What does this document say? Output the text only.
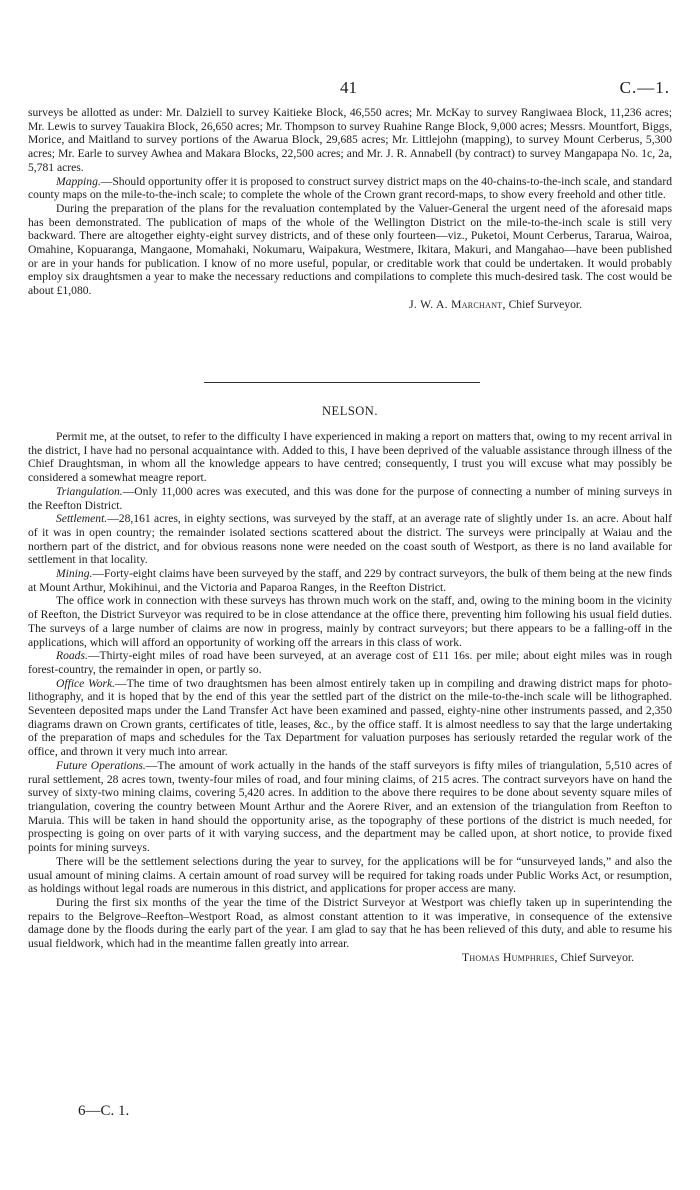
41	C.—1.

surveys be allotted as under: Mr. Dalziell to survey Kaitieke Block, 46,550 acres; Mr. McKay to survey Rangiwaea Block, 11,236 acres; Mr. Lewis to survey Tauakira Block, 26,650 acres; Mr. Thompson to survey Ruahine Range Block, 9,000 acres; Messrs. Mountfort, Biggs, Morice, and Maitland to survey portions of the Awarua Block, 29,685 acres; Mr. Littlejohn (mapping), to survey Mount Cerberus, 5,300 acres; Mr. Earle to survey Awhea and Makara Blocks, 22,500 acres; and Mr. J. R. Annabell (by contract) to survey Mangapapa No. 1c, 2a, 5,781 acres.

Mapping.—Should opportunity offer it is proposed to construct survey district maps on the 40-chains-to-the-inch scale, and standard county maps on the mile-to-the-inch scale; to complete the whole of the Crown grant record-maps, to show every freehold and other title.

During the preparation of the plans for the revaluation contemplated by the Valuer-General the urgent need of the aforesaid maps has been demonstrated. The publication of maps of the whole of the Wellington District on the mile-to-the-inch scale is still very backward. There are altogether eighty-eight survey districts, and of these only fourteen—viz., Puketoi, Mount Cerberus, Tararua, Wairoa, Omahine, Kopuaranga, Mangaone, Momahaki, Nokumaru, Waipakura, Westmere, Ikitara, Makuri, and Mangahao—have been published or are in your hands for publication. I know of no more useful, popular, or creditable work that could be undertaken. It would probably employ six draughtsmen a year to make the necessary reductions and compilations to complete this much-desired task. The cost would be about £1,080.

J. W. A. Marchant, Chief Surveyor.
NELSON.

Permit me, at the outset, to refer to the difficulty I have experienced in making a report on matters that, owing to my recent arrival in the district, I have had no personal acquaintance with. Added to this, I have been deprived of the valuable assistance through illness of the Chief Draughtsman, in whom all the knowledge appears to have centred; consequently, I trust you will excuse what may possibly be considered a somewhat meagre report.

Triangulation.—Only 11,000 acres was executed, and this was done for the purpose of connecting a number of mining surveys in the Reefton District.

Settlement.—28,161 acres, in eighty sections, was surveyed by the staff, at an average rate of slightly under 1s. an acre. About half of it was in open country; the remainder isolated sections scattered about the district. The surveys were principally at Waiau and the northern part of the district, and for obvious reasons none were needed on the coast south of Westport, as there is no land available for settlement in that locality.

Mining.—Forty-eight claims have been surveyed by the staff, and 229 by contract surveyors, the bulk of them being at the new finds at Mount Arthur, Mokihinui, and the Victoria and Paparoa Ranges, in the Reefton District.

The office work in connection with these surveys has thrown much work on the staff, and, owing to the mining boom in the vicinity of Reefton, the District Surveyor was required to be in close attendance at the office there, preventing him following his usual field duties. The surveys of a large number of claims are now in progress, mainly by contract surveyors; but there appears to be a falling-off in the applications, which will afford an opportunity of working off the arrears in this class of work.

Roads.—Thirty-eight miles of road have been surveyed, at an average cost of £11 16s. per mile; about eight miles was in rough forest-country, the remainder in open, or partly so.

Office Work.—The time of two draughtsmen has been almost entirely taken up in compiling and drawing district maps for photo-lithography, and it is hoped that by the end of this year the settled part of the district on the mile-to-the-inch scale will be lithographed. Seventeen deposited maps under the Land Transfer Act have been examined and passed, eighty-nine other instruments passed, and 2,350 diagrams drawn on Crown grants, certificates of title, leases, &c., by the office staff. It is almost needless to say that the large undertaking of the preparation of maps and schedules for the Tax Department for valuation purposes has seriously retarded the regular work of the office, and thrown it very much into arrear.

Future Operations.—The amount of work actually in the hands of the staff surveyors is fifty miles of triangulation, 5,510 acres of rural settlement, 28 acres town, twenty-four miles of road, and four mining claims, of 215 acres. The contract surveyors have on hand the survey of sixty-two mining claims, covering 5,420 acres. In addition to the above there requires to be done about seventy square miles of triangulation, covering the country between Mount Arthur and the Aorere River, and an extension of the triangulation from Reefton to Maruia. This will be taken in hand should the opportunity arise, as the topography of these portions of the district is much needed, for prospecting is going on over parts of it with varying success, and the department may be called upon, at short notice, to provide fixed points for mining surveys.

There will be the settlement selections during the year to survey, for the applications will be for “unsurveyed lands,” and also the usual amount of mining claims. A certain amount of road survey will be required for taking roads under Public Works Act, or resumption, as holdings without legal roads are numerous in this district, and applications for proper access are many.

During the first six months of the year the time of the District Surveyor at Westport was chiefly taken up in superintending the repairs to the Belgrove–Reefton–Westport Road, as almost constant attention to it was imperative, in consequence of the extensive damage done by the floods during the early part of the year. I am glad to say that he has been relieved of this duty, and able to resume his usual fieldwork, which had in the meantime fallen greatly into arrear.

Thomas Humphries, Chief Surveyor.
6—C. 1.
